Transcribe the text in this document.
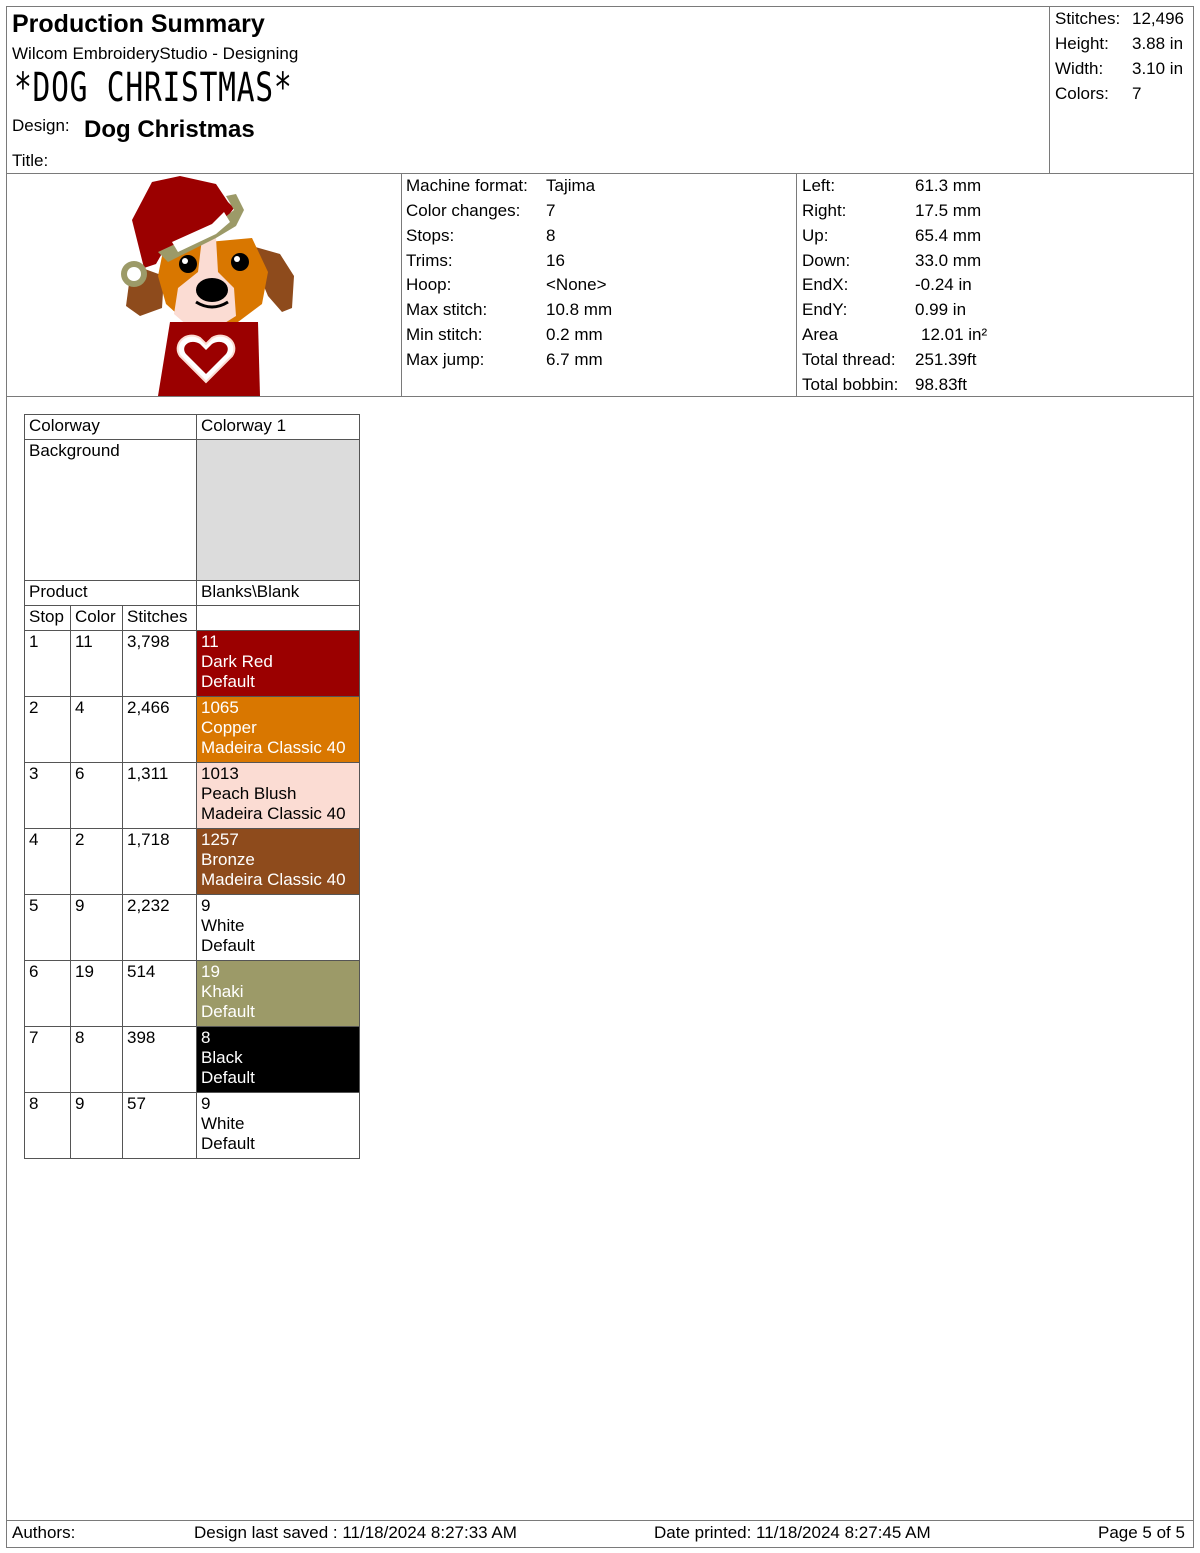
Production Summary
Wilcom EmbroideryStudio - Designing
*DOG CHRISTMAS*
Design: Dog Christmas
Title:
Stitches: 12,496
Height: 3.88 in
Width: 3.10 in
Colors: 7
Machine format: Tajima
Color changes: 7
Stops:	8
Trims:	16
Hoop:	<None>
Max stitch:	10.8 mm
Min stitch:	0.2 mm
Max jump:	6.7 mm
Left:	61.3 mm
Right:	17.5 mm
Up:	65.4 mm
Down:	33.0 mm
EndX:	-0.24 in
EndY:	0.99 in
Area	12.01 in²
Total thread: 251.39ft
Total bobbin: 98.83ft
Colorway			Colorway 1
Background			
Product			Blanks\Blank
Stop	Color	Stitches	
1	11	3,798	11
Dark Red
Default

2	4	2,466	1065
Copper
Madeira Classic 40

3	6	1,311	1013
Peach Blush
Madeira Classic 40

4	2	1,718	1257
Bronze
Madeira Classic 40

5	9	2,232	9
White
Default

6	19	514	19
Khaki
Default

7	8	398	8
Black
Default

8	9	57	9
White
Default
Authors:	Design last saved : 11/18/2024 8:27:33 AM	Date printed: 11/18/2024 8:27:45 AM	Page 5 of 5
